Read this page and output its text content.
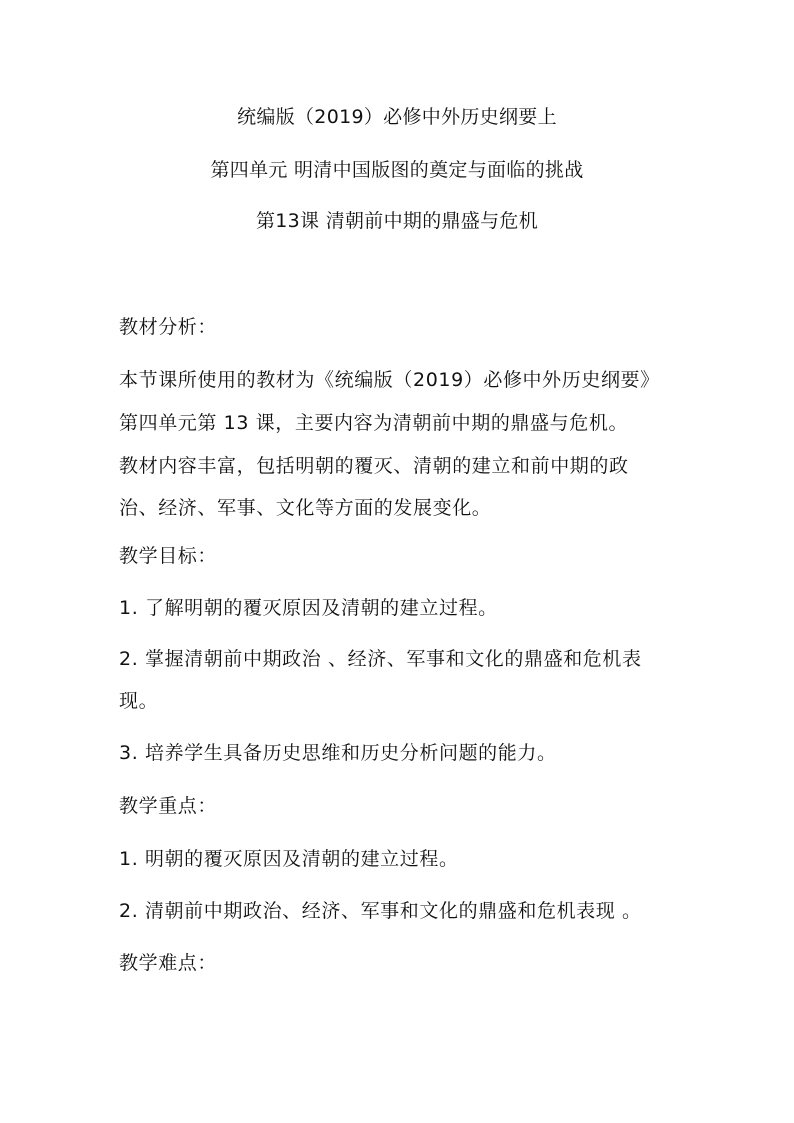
统编版（2019）必修中外历史纲要上
第四单元 明清中国版图的奠定与面临的挑战
第13课 清朝前中期的鼎盛与危机
教材分析：
本节课所使用的教材为《统编版（2019）必修中外历史纲要》
第四单元第 13 课，主要内容为清朝前中期的鼎盛与危机。
教材内容丰富，包括明朝的覆灭、清朝的建立和前中期的政
治、经济、军事、文化等方面的发展变化。
教学目标：
1. 了解明朝的覆灭原因及清朝的建立过程。
2. 掌握清朝前中期政治 、经济、军事和文化的鼎盛和危机表
现。
3. 培养学生具备历史思维和历史分析问题的能力。
教学重点：
1. 明朝的覆灭原因及清朝的建立过程。
2. 清朝前中期政治、经济、军事和文化的鼎盛和危机表现 。
教学难点：
